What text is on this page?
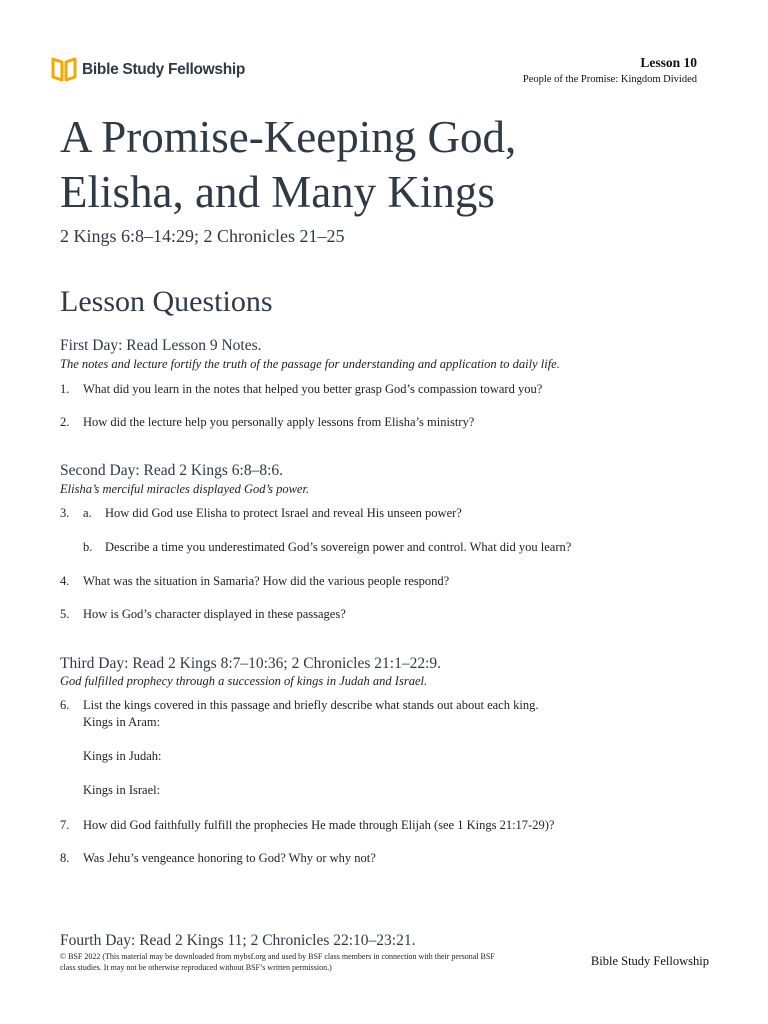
Bible Study Fellowship	Lesson 10
People of the Promise: Kingdom Divided
A Promise-Keeping God,
Elisha, and Many Kings
2 Kings 6:8–14:29; 2 Chronicles 21–25
Lesson Questions
First Day: Read Lesson 9 Notes.
The notes and lecture fortify the truth of the passage for understanding and application to daily life.
1. What did you learn in the notes that helped you better grasp God’s compassion toward you?
2. How did the lecture help you personally apply lessons from Elisha’s ministry?
Second Day: Read 2 Kings 6:8–8:6.
Elisha’s merciful miracles displayed God’s power.
3. a. How did God use Elisha to protect Israel and reveal His unseen power?
b. Describe a time you underestimated God’s sovereign power and control. What did you learn?
4. What was the situation in Samaria? How did the various people respond?
5. How is God’s character displayed in these passages?
Third Day: Read 2 Kings 8:7–10:36; 2 Chronicles 21:1–22:9.
God fulfilled prophecy through a succession of kings in Judah and Israel.
6. List the kings covered in this passage and briefly describe what stands out about each king.
Kings in Aram:
Kings in Judah:
Kings in Israel:
7. How did God faithfully fulfill the prophecies He made through Elijah (see 1 Kings 21:17-29)?
8. Was Jehu’s vengeance honoring to God? Why or why not?
Fourth Day: Read 2 Kings 11; 2 Chronicles 22:10–23:21.
© BSF 2022 (This material may be downloaded from mybsf.org and used by BSF class members in connection with their personal BSF class studies. It may not be otherwise reproduced without BSF’s written permission.)	Bible Study Fellowship
